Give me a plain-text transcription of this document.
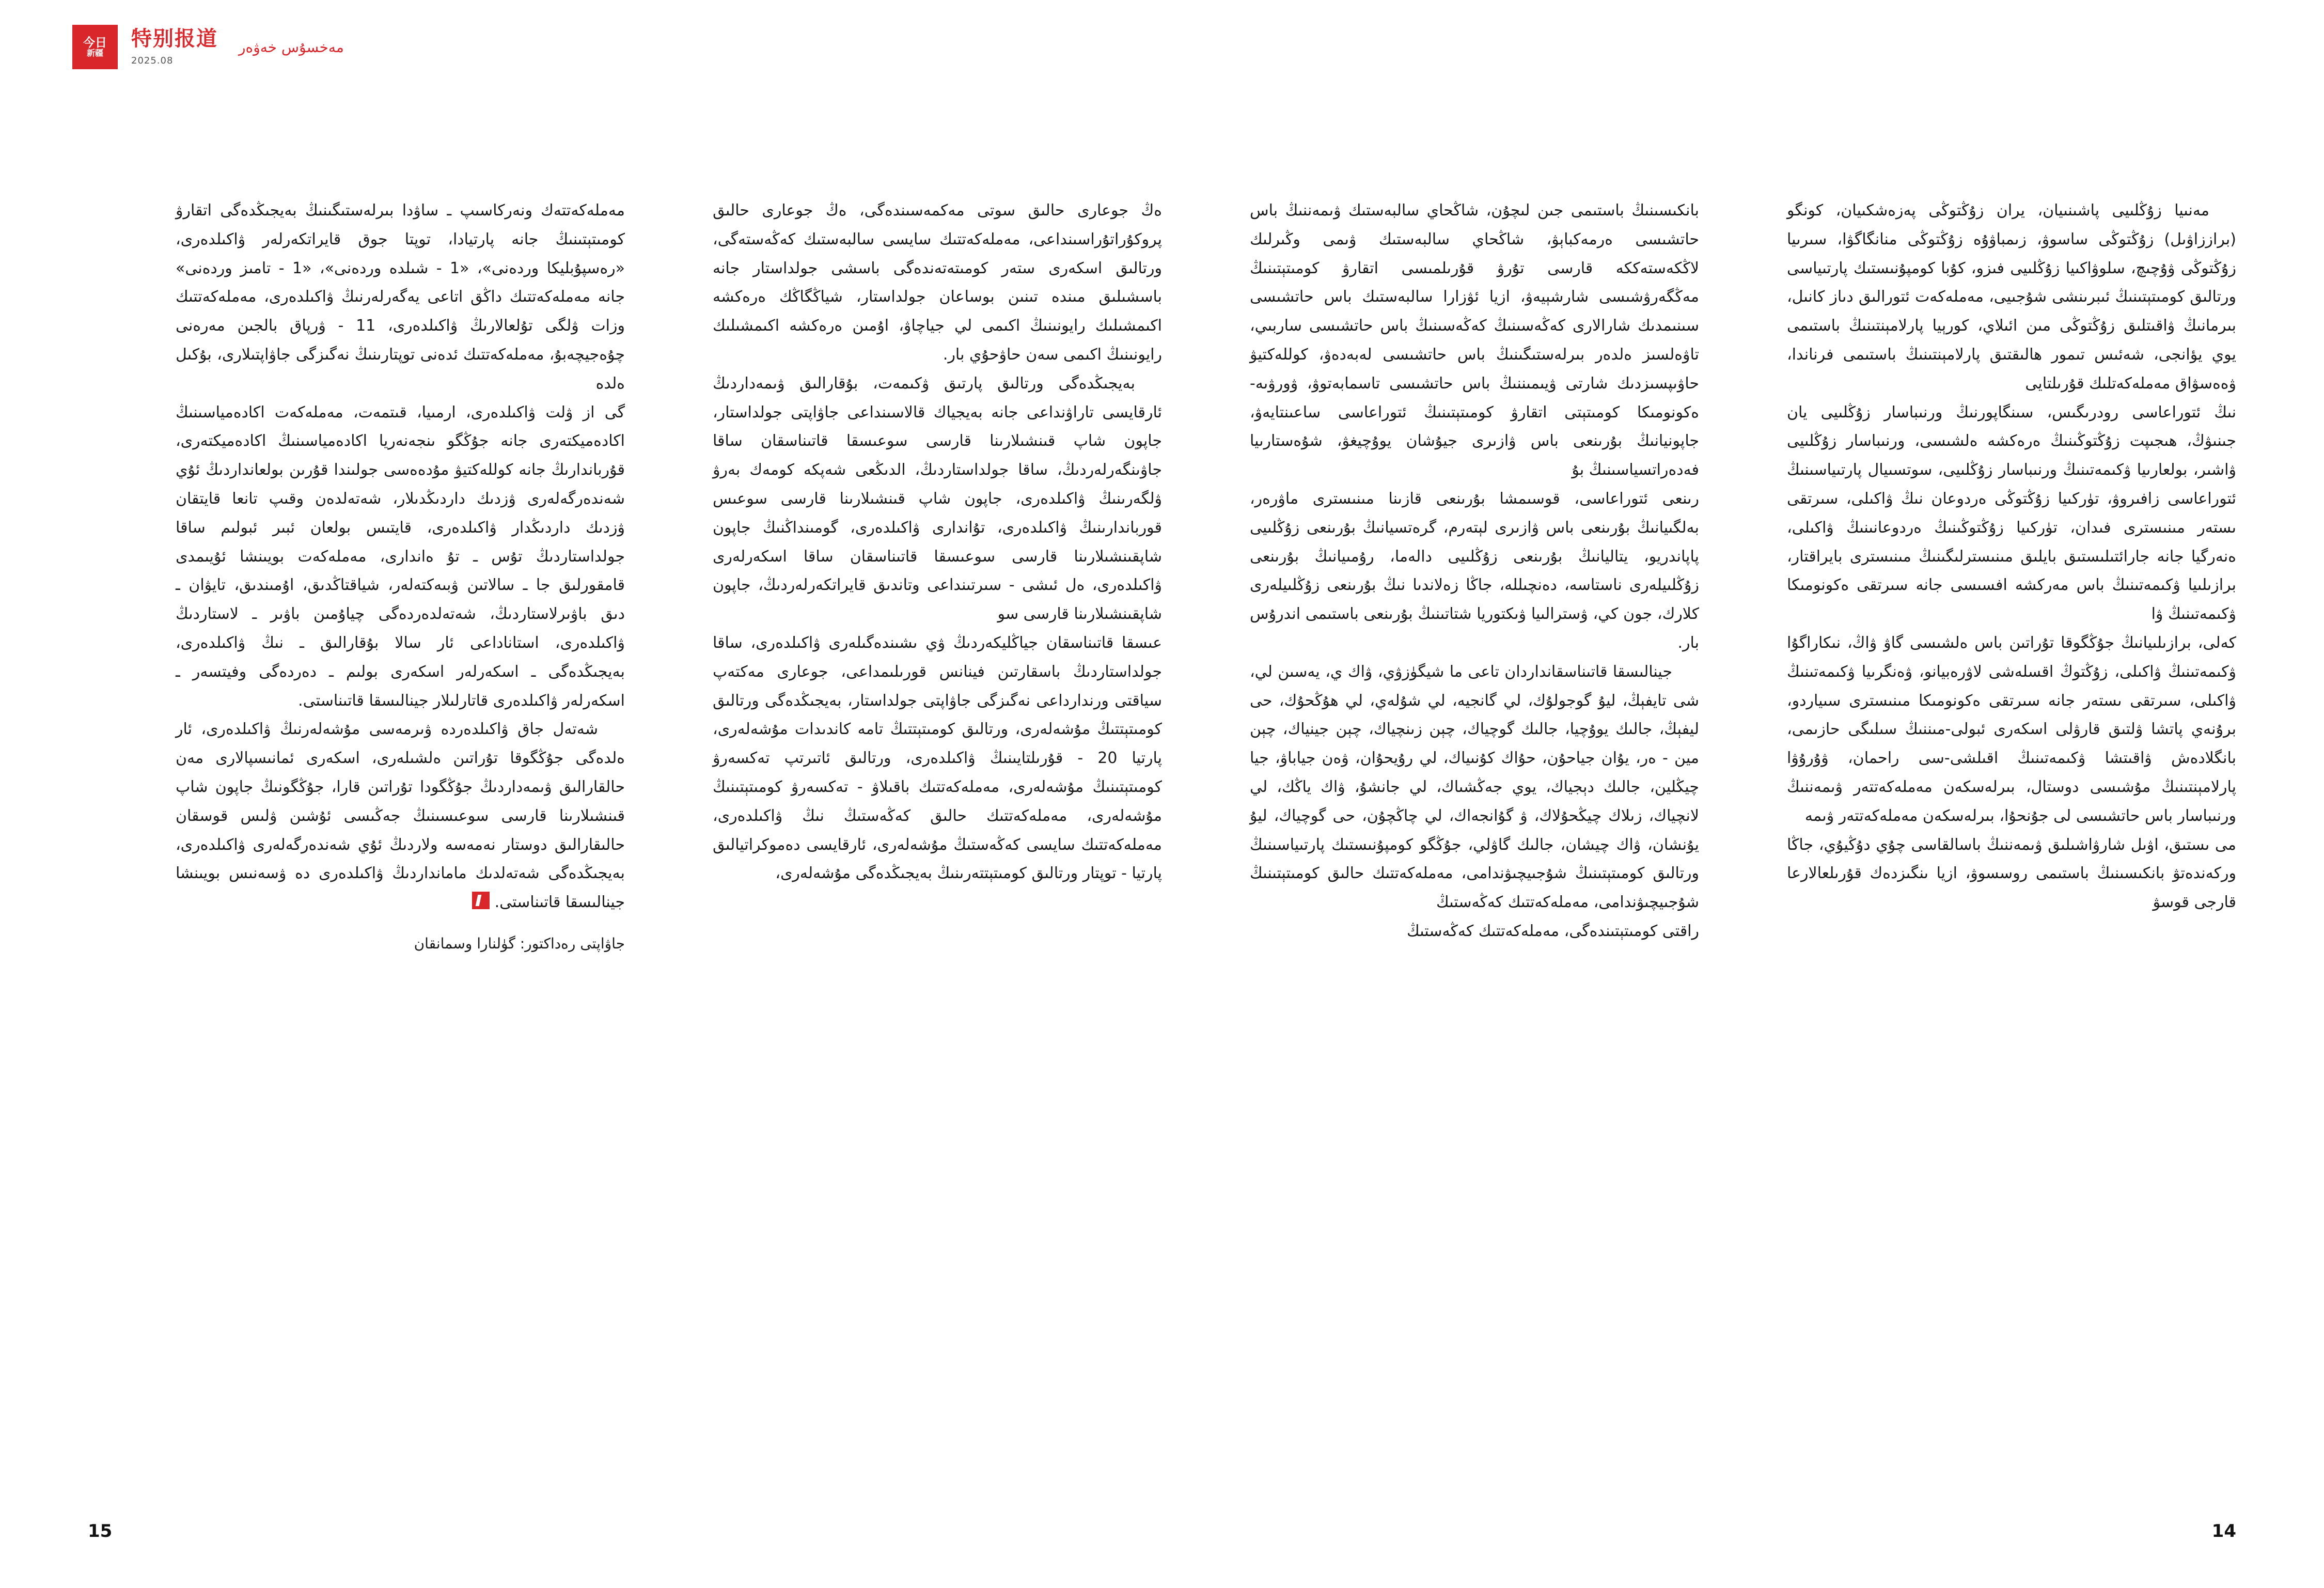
今日
新疆
特别报道
2025.08
مەخسۇس خەۋەر

مەنىيا زۇڭلىيى پاشىنىيان، يران زۇڭتوڭى پەزەشكىيان، كونگو (براززاۋىل) زۇڭتوڭى ساسوۋ، زىمباۋۇە زۇڭتوڭى منانگاگۋا، سىرىيا زۇڭتوڭى ۋۇچىچ، سلوۋاكىيا زۇڭلىيى فىزو، كۇبا كومپۇنىستىك پارتىياسى ورتالىق كومىتېتىنىڭ ئىبرىنشى شۇجىيى، مەملەكەت ئتورالىق دىاز كانىل، بىرمانىڭ ۋاقىتلىق زۇڭتوڭى مىن ائىلاي، كورېيا پارلامېنتىنىڭ باستىمى يوي يؤانجى، شەئىس تىمور ھالىقتىق پارلامېنتىنىڭ باستىمى فرناندا، ۋەەسۋاق مەملەكەتلىك قۇرىلتايى

نىڭ ئتوراعاسى رودرىگىس، سىنگاپورنىڭ ورنىباسار زۇڭلىيى يان جىنىۋڭ، ھىجىپت زۇڭتوڭىنىڭ ەرەكشە ەلشىسى، ورنىباسار زۇڭلىيى ۋاشىر، بولعارىيا ۋكىمەتىنىڭ ورنىباسار زۇڭلىيى، سوتسىيال پارتىياسىنىڭ ئتوراعاسى زافىروۋ، تۈركىيا زۇڭتوڭى ەردوعان نىڭ ۋاكىلى، سىرتقى ىستەر مىنىسترى فىدان، تۈركىيا زۇڭتوڭىنىڭ ەردوعانىنىڭ ۋاكىلى، ەنەرگيا جانە جارائتىلىستىق بايلىق مىنىسترلىگىنىڭ مىنىسترى بايراقتار، برازىلىيا ۋكىمەتىنىڭ باس مەركشە افسىسى جانە سىرتقى ەكونومىكا ۋكىمەتىنىڭ ۋا

كەلى، برازىلىيانىڭ جۇڭگوقا تۇراتىن باس ەلشىسى گاۋ ۋاڭ، نىكاراگۇا ۋكىمەتىنىڭ ۋاكىلى، زۇڭتوڭ اقسلەشى لاۋرەبيانو، ۋەنگرىيا ۋكىمەتىنىڭ ۋاكىلى، سىرتقى ىستەر جانە سىرتقى ەكونومىكا مىنىسترى سىياردو، برۇنەي پاتشا ۋلتىق قارۋلى اسكەرى ئبولى-مىننىڭ سىلىگى حازىمى، بانگلادەش ۋاقىتشا ۋكىمەتىنىڭ اقىلشى-سى راحمان، ۋۇرۇۋا پارلامېنتىنىڭ مۇشىسى دوستال، بىرلەسكەن مەملەكەتتەر ۋىمەننىڭ ورنىباسار باس حاتشىسى لى جۇنحۇا، بىرلەسكەن مەملەكەتتەر ۋىمە

مى ىستىق، اۋىل شارۋاشىلىق ۋىمەننىڭ باسالقاسى چۇي دۇڭيۇي، جاڭا وركەندەتۋ بانكىسىنىڭ باستىمى روسسوۋ، ازيا ىنگىزدەك قۇرىلعالارعا قارجى قوسۋ

بانكىسىنىڭ باستىمى جىن لىچۇن، شاڭحاي سالبەستىك ۋىمەننىڭ باس حاتشىسى ەرمەكباېۋ، شاڭحاي سالبەستىك ۋىمى وڭىرلىك لاڭكەستەككە قارسى تۇرۋ قۇرىلمىسى اتقارۋ كومىتېتىنىڭ مەڭگەرۋشىسى شارشېيەۋ، ازيا ئۋزارا سالبەستىك باس حاتشىسى سىنىمدىك شارالارى كەڭەسىنىڭ كەڭەسىنىڭ باس حاتشىسى ساربىي، تاۋەلسىز ەلدەر بىرلەستىگىنىڭ باس حاتشىسى لەبەدەۋ، كوللەكتيۋ حاۋىپسىزدىك شارتى ۋيىمىننىڭ باس حاتشىسى تاسمابەتوۋ، ۋورۋىە-ەكونومىكا كومىتېتى اتقارۋ كومىتېتىنىڭ ئتوراعاسى ساعىنتايەۋ، جاپونيانىڭ بۇرىنعى باس ۋازىرى جيۇشان يوۇچيغۋ، شۇەستارىيا فەدەراتسياسىنىڭ بۇ

رىنعى ئتوراعاسى، قوسىمشا بۇرىنعى قازىنا مىنىسترى ماۋرەر، بەلگىيانىڭ بۇرىنعى باس ۋازىرى لېتەرم، گرەتسيانىڭ بۇرىنعى زۇڭلىيى پاپاندريو، يتاليانىڭ بۇرىنعى زۇڭلىيى دالەما، رۇمىيانىڭ بۇرىنعى زۇڭلىيلەرى ناستاسە، دەنچىللە، جاڭا زەلاندىا نىڭ بۇرىنعى زۇڭلىيلەرى كلارك، جون كي، ۋسترالىيا ۋىكتوريا شتاتىنىڭ بۇرىنعى باستىمى اندرۇس بار.

جينالىسقا قاتىناسقانداردان تاعى ما شيگۈزۋي، ۋاك ي، يەسىن لي، شى تايفېڭ، ليۇ گوجولۇك، لي گانجيە، لي شۇلەي، لي ھۇڭحۇك، حى ليفېڭ، جالىك يوۇچيا، جالىك گوچياك، چېن زىنچياك، چېن جينياك، چېن مين - ەر، يۇان جياحۇن، حۇاك كۇنىياك، لي رۇيحۇان، ۋەن جياباۋ، جيا چيڭلين، جالىك دېجياك، يوي جەڭشىاك، لي جانشۇ، ۋاك ياڭك، لي لانچياك، زىلاك چيڭحۇلاك، ۋ گۇانجەاك، لي چاڭچۇن، حى گوچياك، ليۇ يۇنشان، ۋاك چيشان، جالىك گاۋلي، جۇڭگو كومپۇنىستىك پارتىياسىنىڭ ورتالىق كومىتېتىنىڭ شۇجىيچىۋندامى، مەملەكەتتىك حالىق كومىتېتىنىڭ شۇجىيچىۋندامى، مەملەكەتتىك كەڭەستىڭ

راقتى كومىتېتىندەگى، مەملەكەتتىك كەڭەستىڭ

ەڭ جوعارى حالىق سوتى مەكمەسىندەگى، ەڭ جوعارى حالىق پروكۇراتۇراسىنداعى، مەملەكەتتىك سايسى سالبەستىك كەڭەستەگى، ورتالىق اسكەرى ستەر كومىتەتەندەگى باسشى جولداستار جانە باسشىلىق مىندە تىنىن بوساعان جولداستار، شياڭگاڭك ەرەكشە اكىمشىلىك رايونىنىڭ اكىمى لي جياچاۋ، اۇمىن ەرەكشە اكىمشىلىك رايونىنىڭ اكىمى سەن حاۋحۇي بار.

بەيجىڭدەگى ورتالىق پارتىق ۋكىمەت، بۇقارالىق ۋىمەداردىڭ ئارقايسى تاراۋنداعى جانە بەيجياك قالاسىنداعى جاۋاپتى جولداستار، جاپون شاپ قىنشىلارىنا قارسى سوعىسقا قاتىناسقان ساقا جاۋىنگەرلەردىڭ، ساقا جولداستاردىڭ، الدىڭعى شەپكە كومەك بەرۋ ۋلگەرىنىڭ ۋاكىلدەرى، جاپون شاپ قىنشىلارىنا قارسى سوعىس قورباندارىنىڭ ۋاكىلدەرى، تۇاندارى ۋاكىلدەرى، گومىنداڭنىڭ جاپون شاپقىنشىلارىنا قارسى سوعىسقا قاتىناسقان ساقا اسكەرلەرى ۋاكىلدەرى، ەل ئىشى - سىرتىنداعى وتاندىق قايراتكەرلەردىڭ، جاپون شاپقىنشىلارىنا قارسى سو

عىسقا قاتىناسقان جياڭليكەردىڭ ۋي ىشىندەگىلەرى ۋاكىلدەرى، ساقا جولداستاردىڭ باسقارتىن فينانس قورىلىمداعى، جوعارى مەكتەپ سياقتى ورندارداعى نەگىزگى جاۋاپتى جولداستار، بەيجىڭدەگى ورتالىق كومىتېتتىڭ مۇشەلەرى، ورتالىق كومىتېتتىڭ تامە كاندىدات مۇشەلەرى، پارتيا 20 - قۇرىلتايىنىڭ ۋاكىلدەرى، ورتالىق ئاتىرتپ تەكسەرۋ كومىتېتىنىڭ مۇشەلەرى، مەملەكەتتىك باقىلاۋ - تەكسەرۋ كومىتېتىنىڭ مۇشەلەرى، مەملەكەتتىك حالىق كەڭەستىڭ نىڭ ۋاكىلدەرى، مەملەكەتتىك سايسى كەڭەستىڭ مۇشەلەرى، ئارقايسى دەموكراتيالىق پارتيا - توپتار ورتالىق كومىتېتتەرىنىڭ بەيجىڭدەگى مۇشەلەرى،

مەملەكەتتەك ونەركاسىپ ـ ساۋدا بىرلەستىگىنىڭ بەيجىڭدەگى اتقارۋ كومىتېتىنىڭ جانە پارتيادا، توپتا جوق قايراتكەرلەر ۋاكىلدەرى، «رەسپۇبليكا وردەنى»، «1 - شىلدە وردەنى»، «1 - تامىز وردەنى» جانە مەملەكەتتىك داڭق اتاعى يەگەرلەرنىڭ ۋاكىلدەرى، مەملەكەتتىك وزات ۋلگى تۇلعالارىڭ ۋاكىلدەرى، 11 - ۋرپاق بالجىن مەرەنى چۇەجيچەبۇ، مەملەكەتتىك ئدەنى توپتارىنىڭ نەگىزگى جاۋاپتىلارى، بۇكىل ەلدە

گى از ۋلت ۋاكىلدەرى، ارمىيا، قىتمەت، مەملەكەت اكادەمياسىنىڭ اكادەميكتەرى جانە جۇڭگو ىنجەنەريا اكادەمياسىنىڭ اكادەميكتەرى، قۇرباندارىڭ جانە كوللەكتيۋ مۇدەەسى جولىندا قۇرىن بولعانداردىڭ ئۇي شەندەرگەلەرى ۋزدىك داردىڭدىلار، شەتەلدەن وقىپ تانعا قايتقان ۋزدىك داردىڭدار ۋاكىلدەرى، قايتىس بولعان ئبىر ئبولىم ساقا جولداستاردىڭ تۇس ـ تۇ ەاندارى، مەملەكەت بويىنشا ئۇيىمدى قامقورلىق جا ـ سالاتىن ۋبىەكتەلەر، شياقتاڭدىق، اۇمىندىق، تايۋان ـ دىق باۋىرلاستاردىڭ، شەتەلدەردەگى چياۇمىن باۋىر ـ لاستاردىڭ ۋاكىلدەرى، استاناداعى ئار سالا بۇقارالىق ـ نىڭ ۋاكىلدەرى، بەيجىڭدەگى ـ اسكەرلەر اسكەرى بولىم ـ دەردەگى وفيتسەر ـ اسكەرلەر ۋاكىلدەرى قاتارلىلار جينالىسقا قاتىناستى.

شەتەل جاق ۋاكىلدەردە ۋىرمەسى مۇشەلەرنىڭ ۋاكىلدەرى، ئار ەلدەگى جۇڭگوقا تۇراتىن ەلشىلەرى، اسكەرى ئمانىسپالارى مەن حالقارالىق ۋىمەداردىڭ جۇڭگودا تۇراتىن قارا، جۇڭگونىڭ جاپون شاپ قىنشىلارىنا قارسى سوعىسىنىڭ جەڭىسى ئۇشىن ۋلىس قوسقان حالىقارالىق دوستار نەمەسە ولاردىڭ ئۇي شەندەرگەلەرى ۋاكىلدەرى، بەيجىڭدەگى شەتەلدىك مامانداردىڭ ۋاكىلدەرى ده ۋسەنىس بويىنشا جينالىسقا قاتىناستى.

جاۋاپتى رەداكتور: گۈلنارا وسمانقان
15	14
